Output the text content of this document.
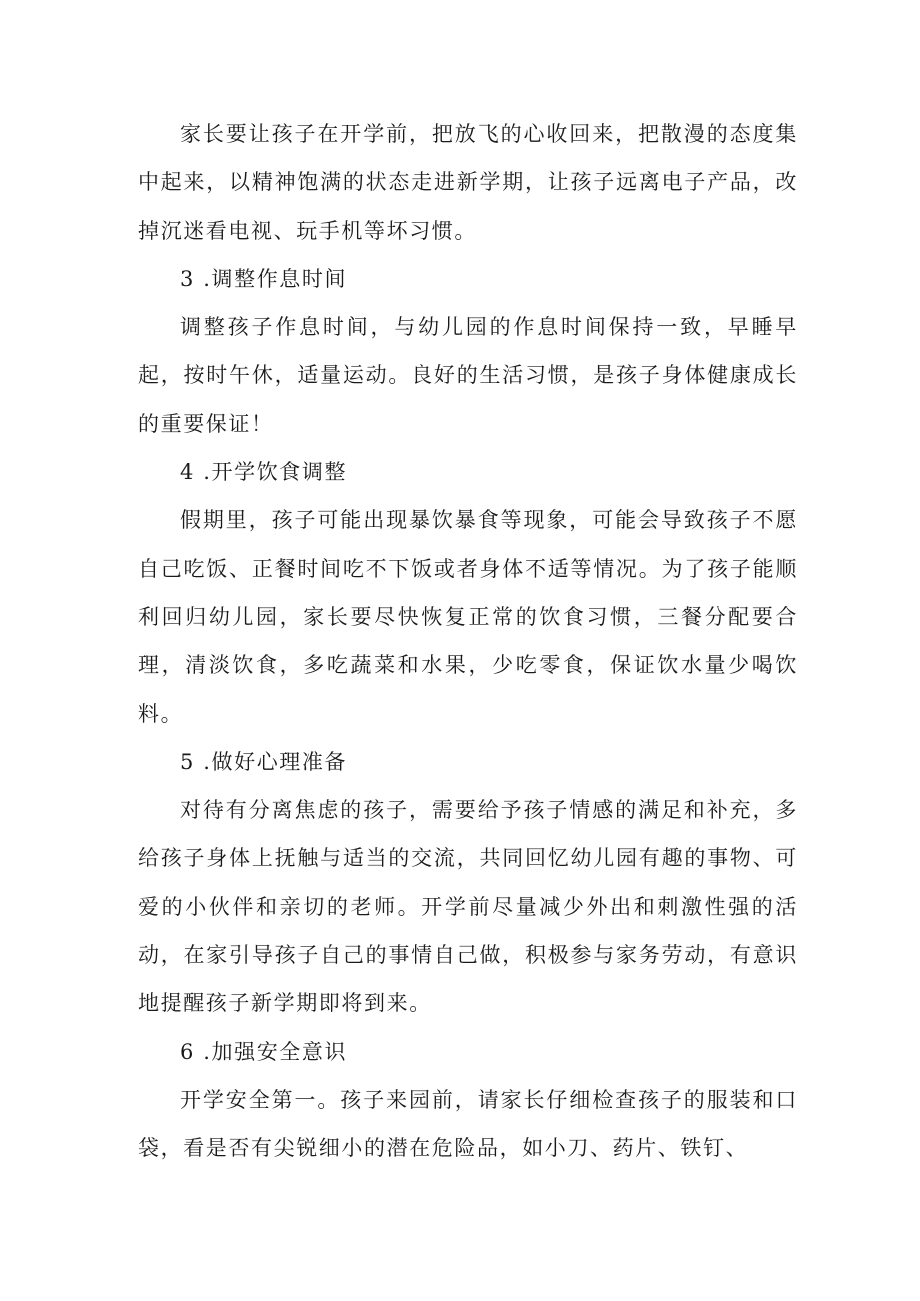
家长要让孩子在开学前，把放飞的心收回来，把散漫的态度集中起来，以精神饱满的状态走进新学期，让孩子远离电子产品，改掉沉迷看电视、玩手机等坏习惯。

3 .调整作息时间

调整孩子作息时间，与幼儿园的作息时间保持一致，早睡早起，按时午休，适量运动。良好的生活习惯，是孩子身体健康成长的重要保证！

4 .开学饮食调整

假期里，孩子可能出现暴饮暴食等现象，可能会导致孩子不愿自己吃饭、正餐时间吃不下饭或者身体不适等情况。为了孩子能顺利回归幼儿园，家长要尽快恢复正常的饮食习惯，三餐分配要合理，清淡饮食，多吃蔬菜和水果，少吃零食，保证饮水量少喝饮料。

5 .做好心理准备

对待有分离焦虑的孩子，需要给予孩子情感的满足和补充，多给孩子身体上抚触与适当的交流，共同回忆幼儿园有趣的事物、可爱的小伙伴和亲切的老师。开学前尽量减少外出和刺激性强的活动，在家引导孩子自己的事情自己做，积极参与家务劳动，有意识地提醒孩子新学期即将到来。

6 .加强安全意识

开学安全第一。孩子来园前，请家长仔细检查孩子的服装和口袋，看是否有尖锐细小的潜在危险品，如小刀、药片、铁钉、
